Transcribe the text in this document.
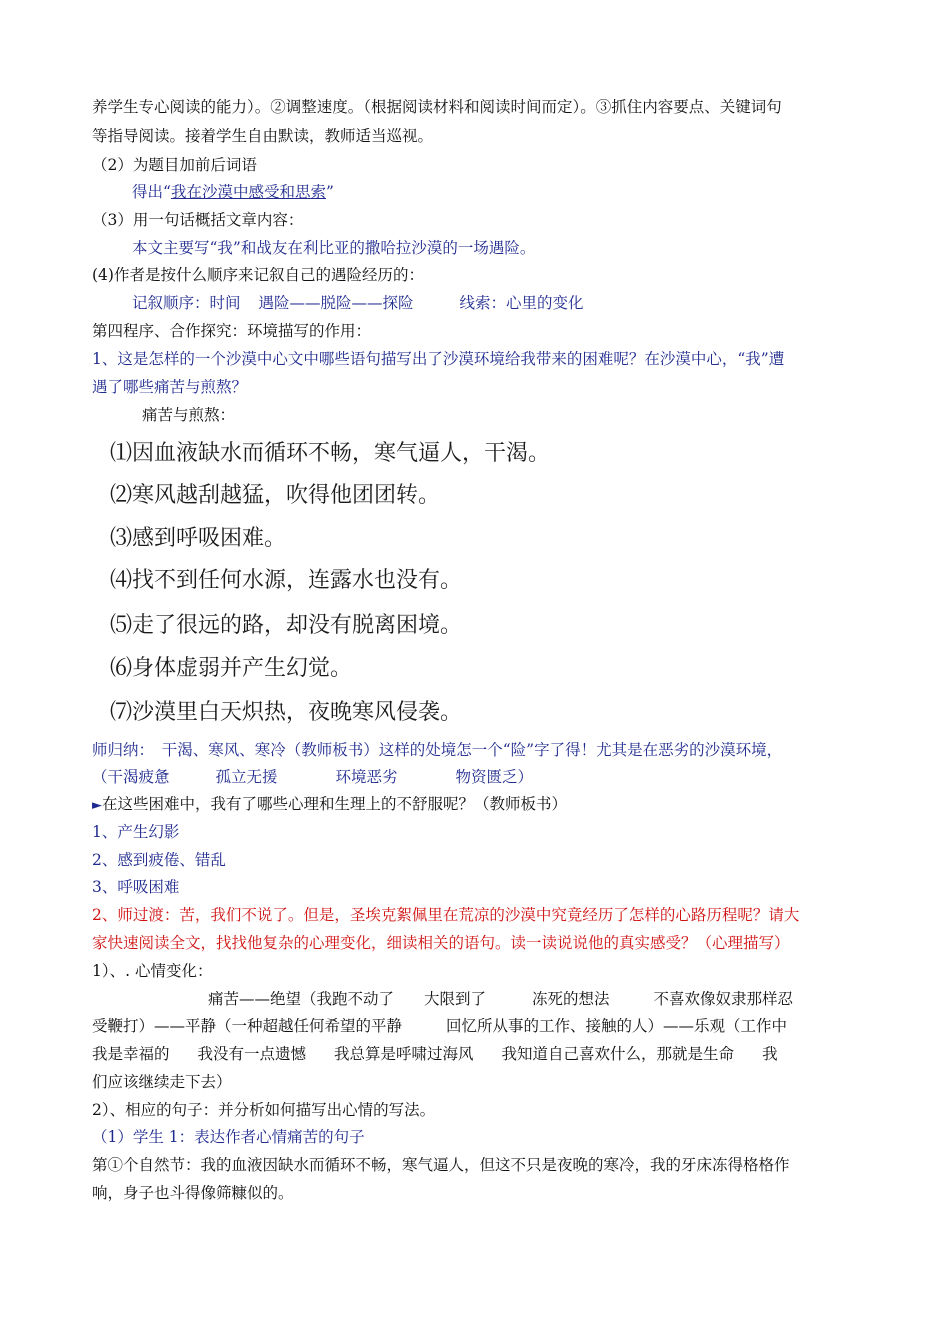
养学生专心阅读的能力）。②调整速度。（根据阅读材料和阅读时间而定）。③抓住内容要点、关键词句
等指导阅读。接着学生自由默读，教师适当巡视。
（2）为题目加前后词语
得出“我在沙漠中感受和思索”
（3）用一句话概括文章内容：
本文主要写“我”和战友在利比亚的撒哈拉沙漠的一场遇险。
(4)作者是按什么顺序来记叙自己的遇险经历的：
记叙顺序：时间 遇险——脱险——探险	线索：心里的变化
第四程序、合作探究：环境描写的作用：
1、这是怎样的一个沙漠中心文中哪些语句描写出了沙漠环境给我带来的困难呢？在沙漠中心，“我”遭
遇了哪些痛苦与煎熬？
痛苦与煎熬：
⑴因血液缺水而循环不畅，寒气逼人，干渴。
⑵寒风越刮越猛，吹得他团团转。
⑶感到呼吸困难。
⑷找不到任何水源，连露水也没有。
⑸走了很远的路，却没有脱离困境。
⑹身体虚弱并产生幻觉。
⑺沙漠里白天炽热，夜晚寒风侵袭。
师归纳：　干渴、寒风、寒冷（教师板书）这样的处境怎一个“险”字了得！尤其是在恶劣的沙漠环境，
（干渴疲惫	孤立无援	环境恶劣	物资匮乏）
►在这些困难中，我有了哪些心理和生理上的不舒服呢？（教师板书）
1、产生幻影
2、感到疲倦、错乱
3、呼吸困难
2、师过渡：苦，我们不说了。但是，圣埃克絮佩里在荒凉的沙漠中究竟经历了怎样的心路历程呢？请大
家快速阅读全文，找找他复杂的心理变化，细读相关的语句。读一读说说他的真实感受？（心理描写）
1）、. 心情变化：
痛苦——绝望（我跑不动了 大限到了	冻死的想法	不喜欢像奴隶那样忍
受鞭打）——平静（一种超越任何希望的平静	回忆所从事的工作、接触的人）——乐观（工作中
我是幸福的 我没有一点遗憾 我总算是呼啸过海风 我知道自己喜欢什么，那就是生命 我
们应该继续走下去）
2）、相应的句子：并分析如何描写出心情的写法。
（1）学生 1：表达作者心情痛苦的句子
第①个自然节：我的血液因缺水而循环不畅，寒气逼人，但这不只是夜晚的寒冷，我的牙床冻得格格作
响，身子也斗得像筛糠似的。
